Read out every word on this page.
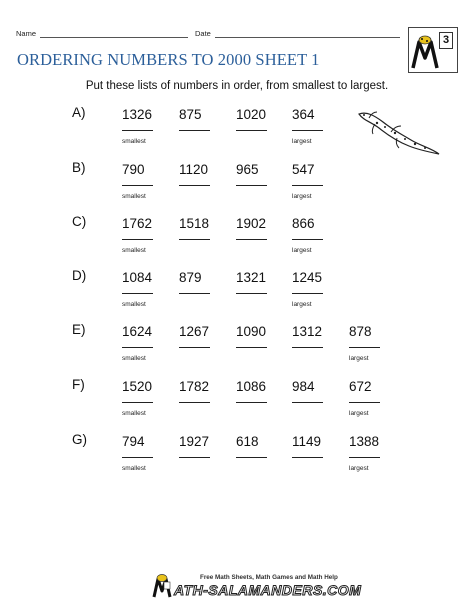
Name	Date
ORDERING NUMBERS TO 2000 SHEET 1
3
Put these lists of numbers in order, from smallest to largest.
A)	1326	875	1020	364
smallest	largest
B)	790	1120	965	547
smallest	largest
C)	1762	1518	1902	866
smallest	largest
D)	1084	879	1321	1245
smallest	largest
E)	1624	1267	1090	1312	878
smallest	largest
F)	1520	1782	1086	984	672
smallest	largest
G)	794	1927	618	1149	1388
smallest	largest
Free Math Sheets, Math Games and Math Help
ATH-SALAMANDERS.COM
